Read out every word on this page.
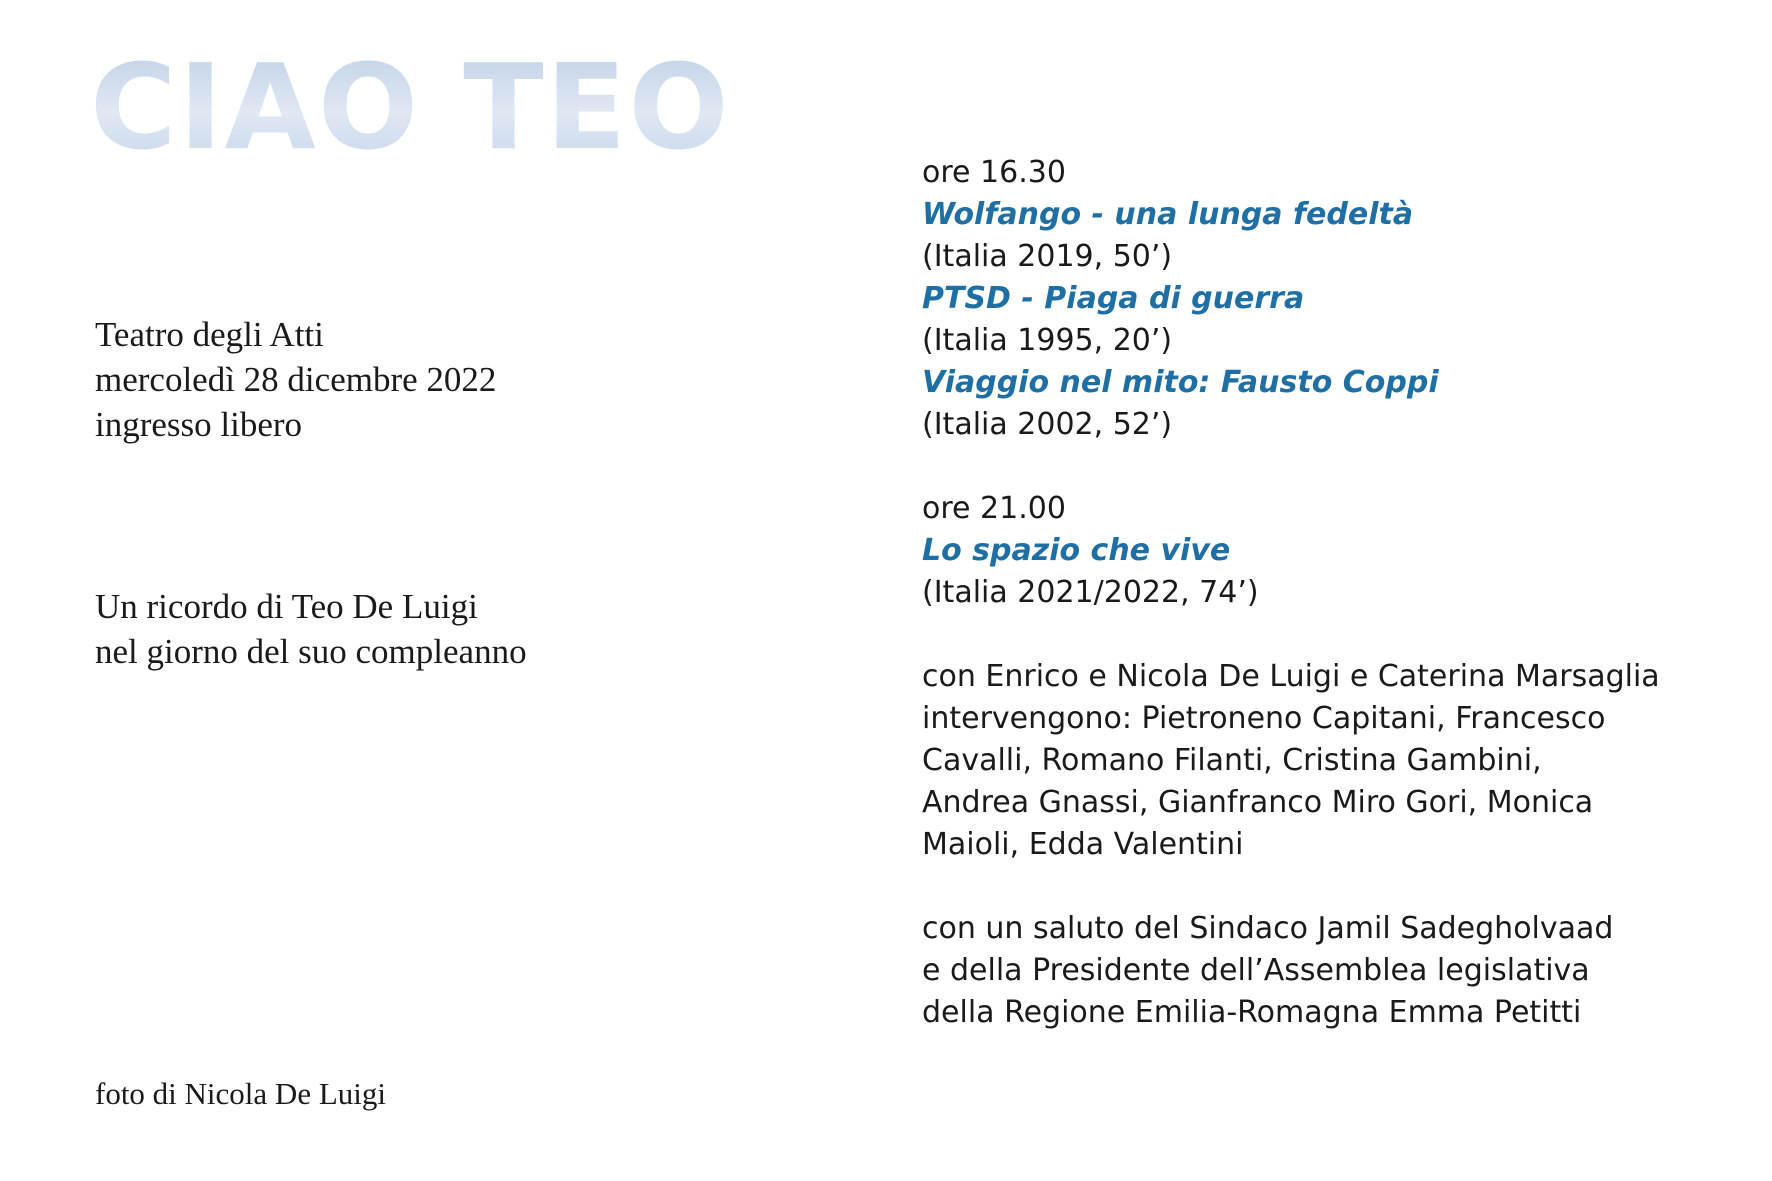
CIAO TEO
Teatro degli Atti
mercoledì 28 dicembre 2022
ingresso libero
Un ricordo di Teo De Luigi
nel giorno del suo compleanno
foto di Nicola De Luigi
ore 16.30
Wolfango - una lunga fedeltà
(Italia 2019, 50’)
PTSD - Piaga di guerra
(Italia 1995, 20’)
Viaggio nel mito: Fausto Coppi
(Italia 2002, 52’)
ore 21.00
Lo spazio che vive
(Italia 2021/2022, 74’)
con Enrico e Nicola De Luigi e Caterina Marsaglia
intervengono: Pietroneno Capitani, Francesco
Cavalli, Romano Filanti, Cristina Gambini,
Andrea Gnassi, Gianfranco Miro Gori, Monica
Maioli, Edda Valentini
con un saluto del Sindaco Jamil Sadegholvaad
e della Presidente dell’Assemblea legislativa
della Regione Emilia-Romagna Emma Petitti
